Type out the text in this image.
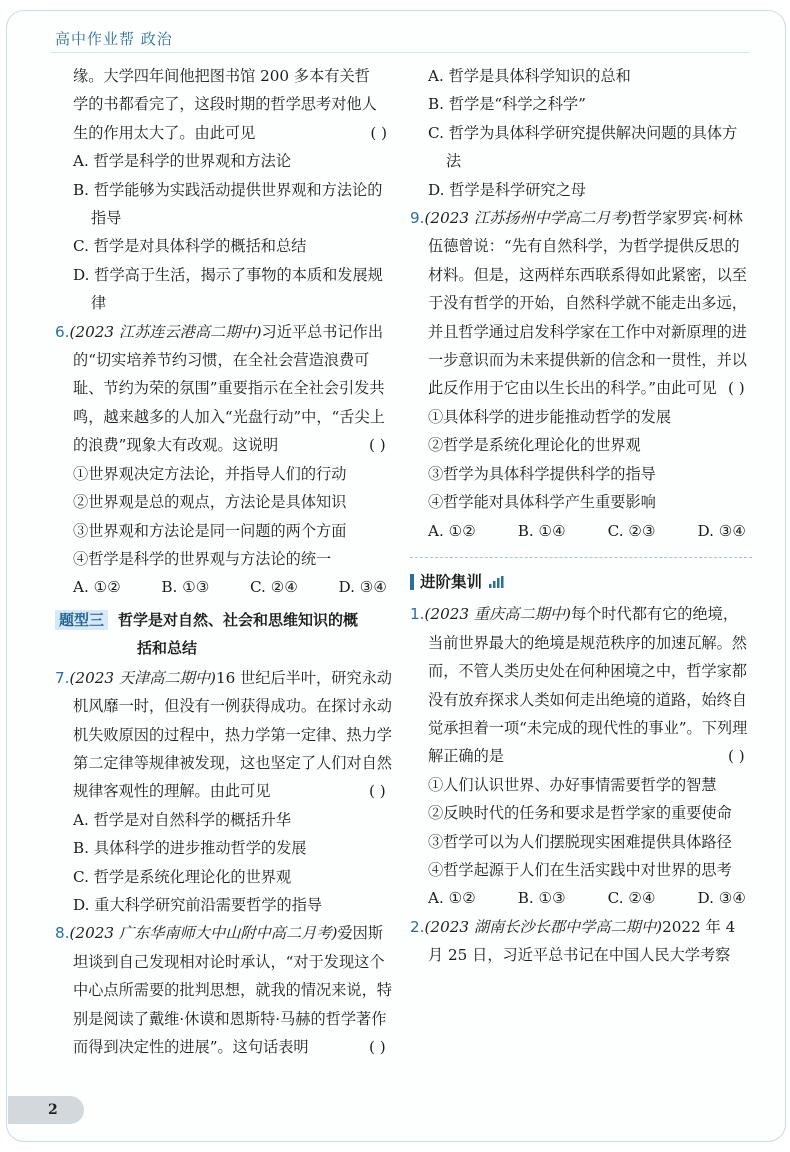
高中作业帮 政治

缘。大学四年间他把图书馆 200 多本有关哲

学的书都看完了，这段时期的哲学思考对他人

生的作用太大了。由此可见	( )

A. 哲学是科学的世界观和方法论

B. 哲学能够为实践活动提供世界观和方法论的指导

C. 哲学是对具体科学的概括和总结

D. 哲学高于生活，揭示了事物的本质和发展规律

6.(2023 江苏连云港高二期中)习近平总书记作出的“切实培养节约习惯，在全社会营造浪费可耻、节约为荣的氛围”重要指示在全社会引发共鸣，越来越多的人加入“光盘行动”中，“舌尖上的浪费”现象大有改观。这说明	( )

①世界观决定方法论，并指导人们的行动

②世界观是总的观点，方法论是具体知识

③世界观和方法论是同一问题的两个方面

④哲学是科学的世界观与方法论的统一

A. ①②	B. ①③	C. ②④	D. ③④
题型三 哲学是对自然、社会和思维知识的概
括和总结

7.(2023 天津高二期中)16 世纪后半叶，研究永动机风靡一时，但没有一例获得成功。在探讨永动机失败原因的过程中，热力学第一定律、热力学第二定律等规律被发现，这也坚定了人们对自然规律客观性的理解。由此可见	( )

A. 哲学是对自然科学的概括升华

B. 具体科学的进步推动哲学的发展

C. 哲学是系统化理论化的世界观

D. 重大科学研究前沿需要哲学的指导

8.(2023 广东华南师大中山附中高二月考)爱因斯坦谈到自己发现相对论时承认，“对于发现这个中心点所需要的批判思想，就我的情况来说，特别是阅读了戴维·休谟和恩斯特·马赫的哲学著作而得到决定性的进展”。这句话表明	( )

A. 哲学是具体科学知识的总和

B. 哲学是“科学之科学”

C. 哲学为具体科学研究提供解决问题的具体方法

D. 哲学是科学研究之母

9.(2023 江苏扬州中学高二月考)哲学家罗宾·柯林伍德曾说：“先有自然科学，为哲学提供反思的材料。但是，这两样东西联系得如此紧密，以至于没有哲学的开始，自然科学就不能走出多远，并且哲学通过启发科学家在工作中对新原理的进一步意识而为未来提供新的信念和一贯性，并以此反作用于它由以生长出的科学。”由此可见 ( )

①具体科学的进步能推动哲学的发展

②哲学是系统化理论化的世界观

③哲学为具体科学提供科学的指导

④哲学能对具体科学产生重要影响

A. ①②	B. ①④	C. ②③	D. ③④
进阶集训

1.(2023 重庆高二期中)每个时代都有它的绝境，当前世界最大的绝境是规范秩序的加速瓦解。然而，不管人类历史处在何种困境之中，哲学家都没有放弃探求人类如何走出绝境的道路，始终自觉承担着一项“未完成的现代性的事业”。下列理解正确的是	( )

①人们认识世界、办好事情需要哲学的智慧

②反映时代的任务和要求是哲学家的重要使命

③哲学可以为人们摆脱现实困难提供具体路径

④哲学起源于人们在生活实践中对世界的思考

A. ①②	B. ①③	C. ②④	D. ③④

2.(2023 湖南长沙长郡中学高二期中)2022 年 4 月 25 日，习近平总书记在中国人民大学考察

2
